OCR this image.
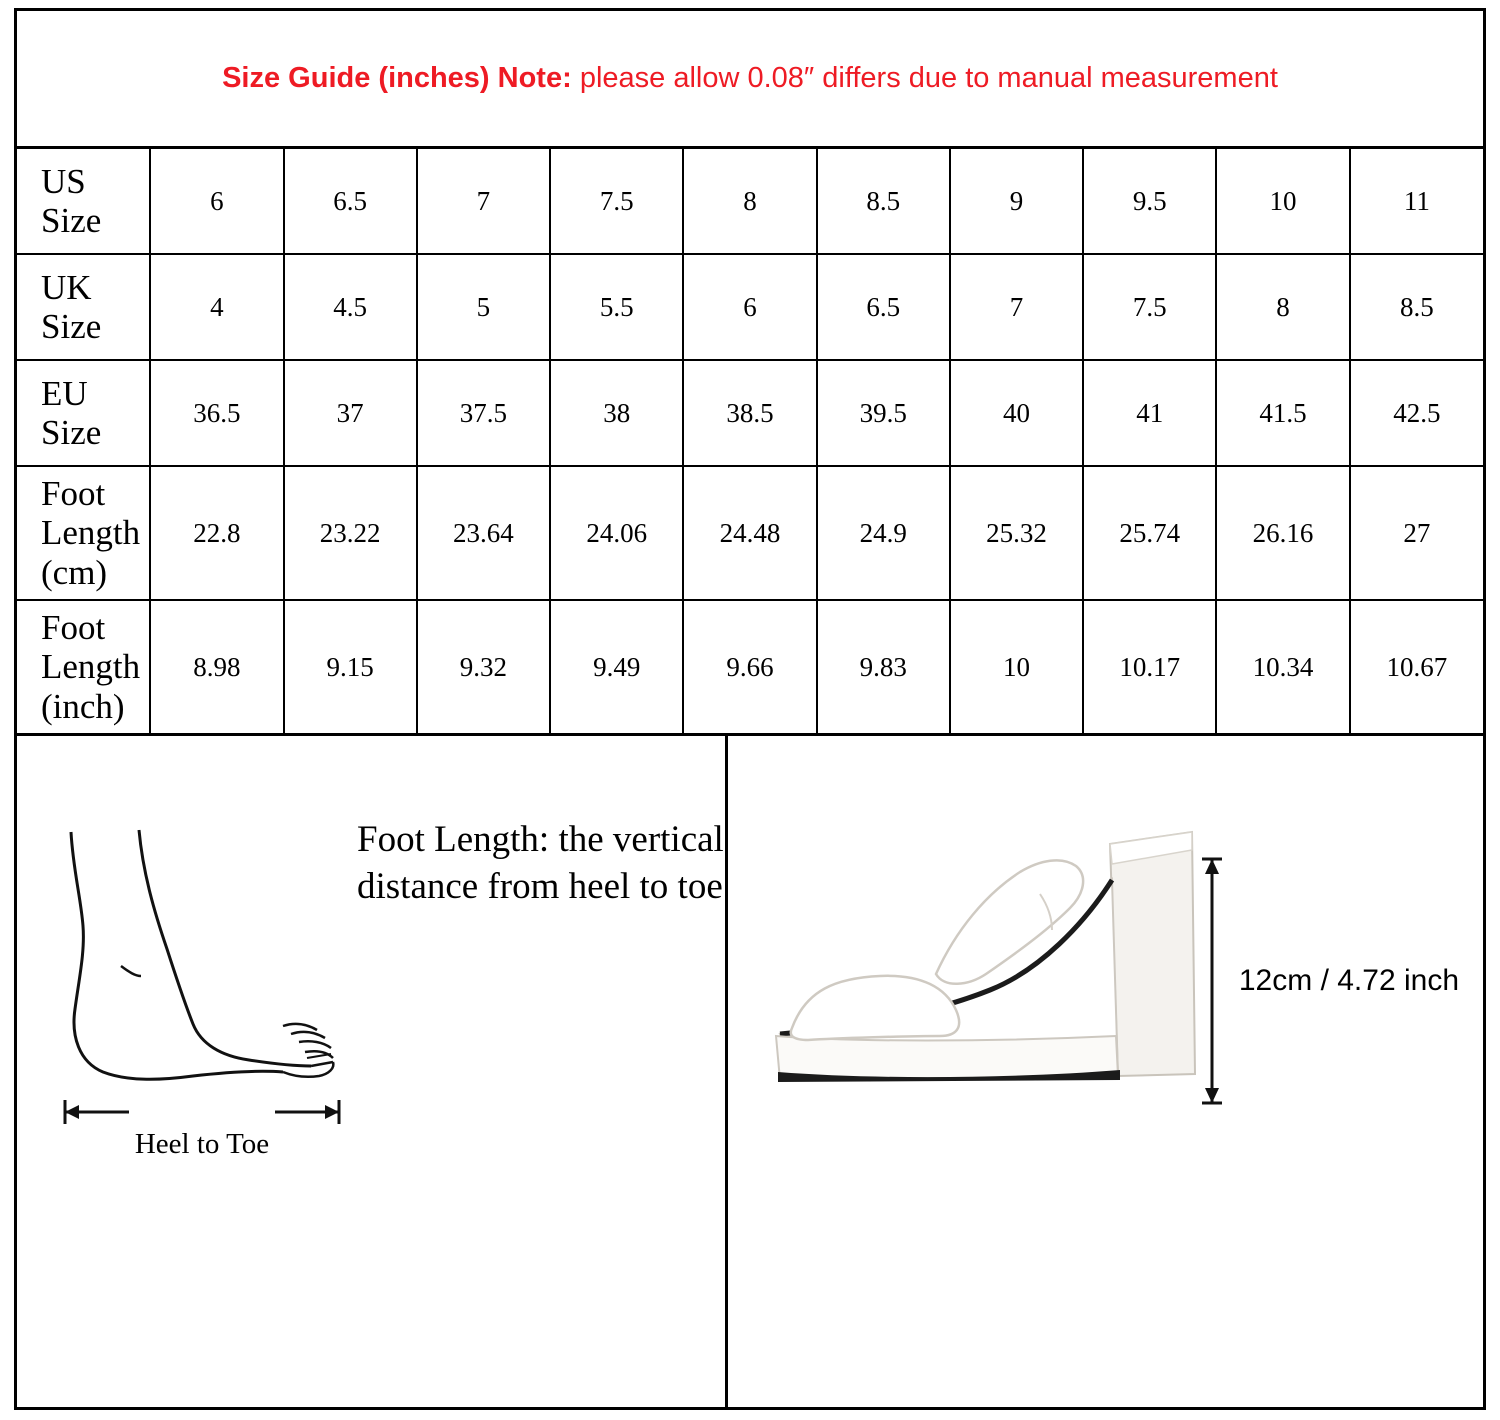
Size Guide (inches) Note: please allow 0.08″ differs due to manual measurement
US Size	6	6.5	7	7.5	8	8.5	9	9.5	10	11
UK Size	4	4.5	5	5.5	6	6.5	7	7.5	8	8.5
EU Size	36.5	37	37.5	38	38.5	39.5	40	41	41.5	42.5
Foot Length (cm)	22.8	23.22	23.64	24.06	24.48	24.9	25.32	25.74	26.16	27
Foot Length (inch)	8.98	9.15	9.32	9.49	9.66	9.83	10	10.17	10.34	10.67
Heel to Toe
Foot Length: the vertical distance from heel to toe
12cm / 4.72 inch
